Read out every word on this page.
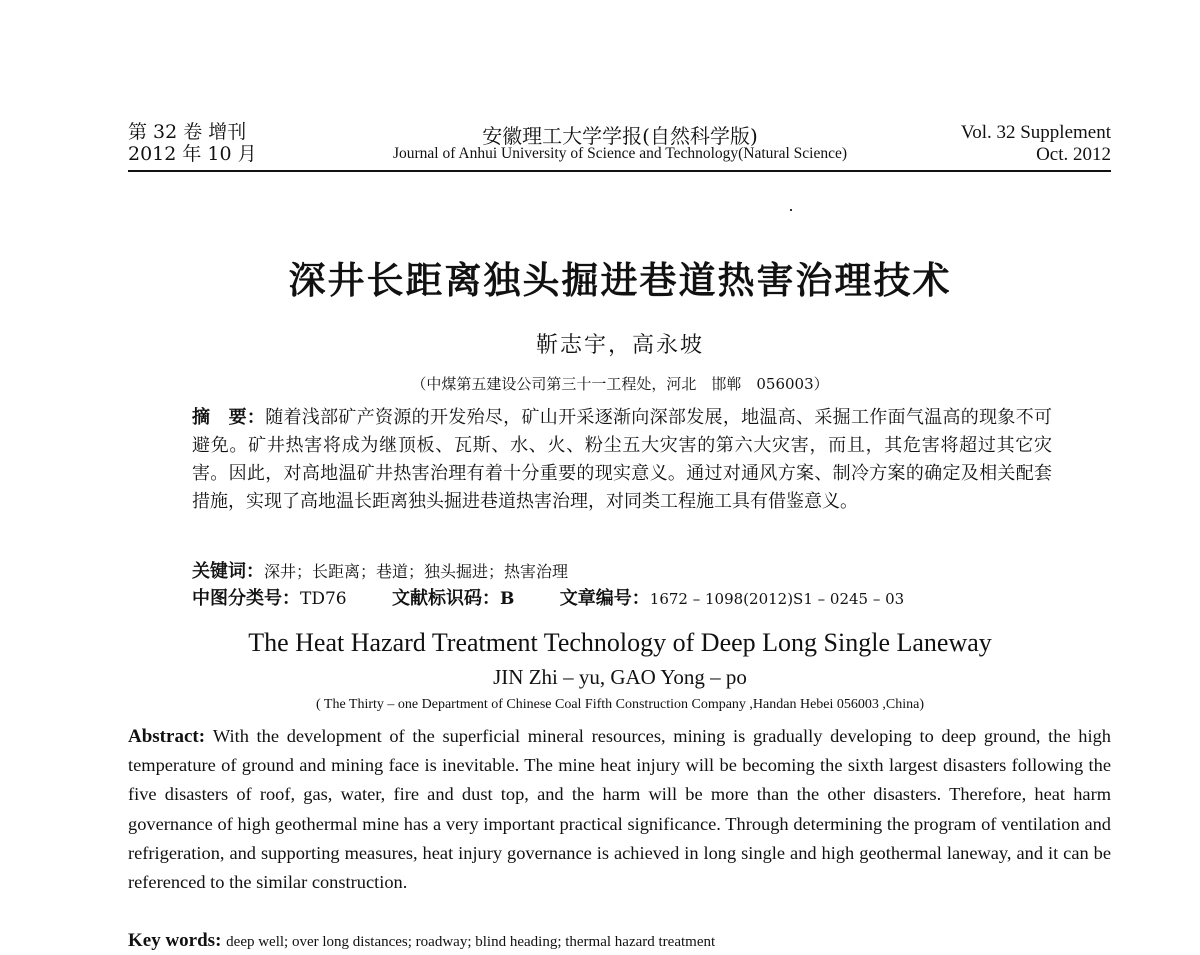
第 32 卷 增刊
2012 年 10 月
安徽理工大学学报(自然科学版)
Journal of Anhui University of Science and Technology(Natural Science)
Vol. 32 Supplement
Oct. 2012
深井长距离独头掘进巷道热害治理技术
靳志宇，高永坡
（中煤第五建设公司第三十一工程处，河北　邯郸　056003）

摘　要：随着浅部矿产资源的开发殆尽，矿山开采逐渐向深部发展，地温高、采掘工作面气温高的现象不可避免。矿井热害将成为继顶板、瓦斯、水、火、粉尘五大灾害的第六大灾害，而且，其危害将超过其它灾害。因此，对高地温矿井热害治理有着十分重要的现实意义。通过对通风方案、制冷方案的确定及相关配套措施，实现了高地温长距离独头掘进巷道热害治理，对同类工程施工具有借鉴意义。

关键词：深井；长距离；巷道；独头掘进；热害治理
中图分类号：TD76	文献标识码：B	文章编号：1672 – 1098(2012)S1 – 0245 – 03
The Heat Hazard Treatment Technology of Deep Long Single Laneway
JIN Zhi – yu, GAO Yong – po
( The Thirty – one Department of Chinese Coal Fifth Construction Company ,Handan Hebei 056003 ,China)
Abstract: With the development of the superficial mineral resources, mining is gradually developing to deep ground, the high temperature of ground and mining face is inevitable. The mine heat injury will be becoming the sixth largest disasters following the five disasters of roof, gas, water, fire and dust top, and the harm will be more than the other disasters. Therefore, heat harm governance of high geothermal mine has a very important practical significance. Through determining the program of ventilation and refrigeration, and supporting measures, heat injury governance is achieved in long single and high geothermal laneway, and it can be referenced to the similar construction.
Key words: deep well; over long distances; roadway; blind heading; thermal hazard treatment
